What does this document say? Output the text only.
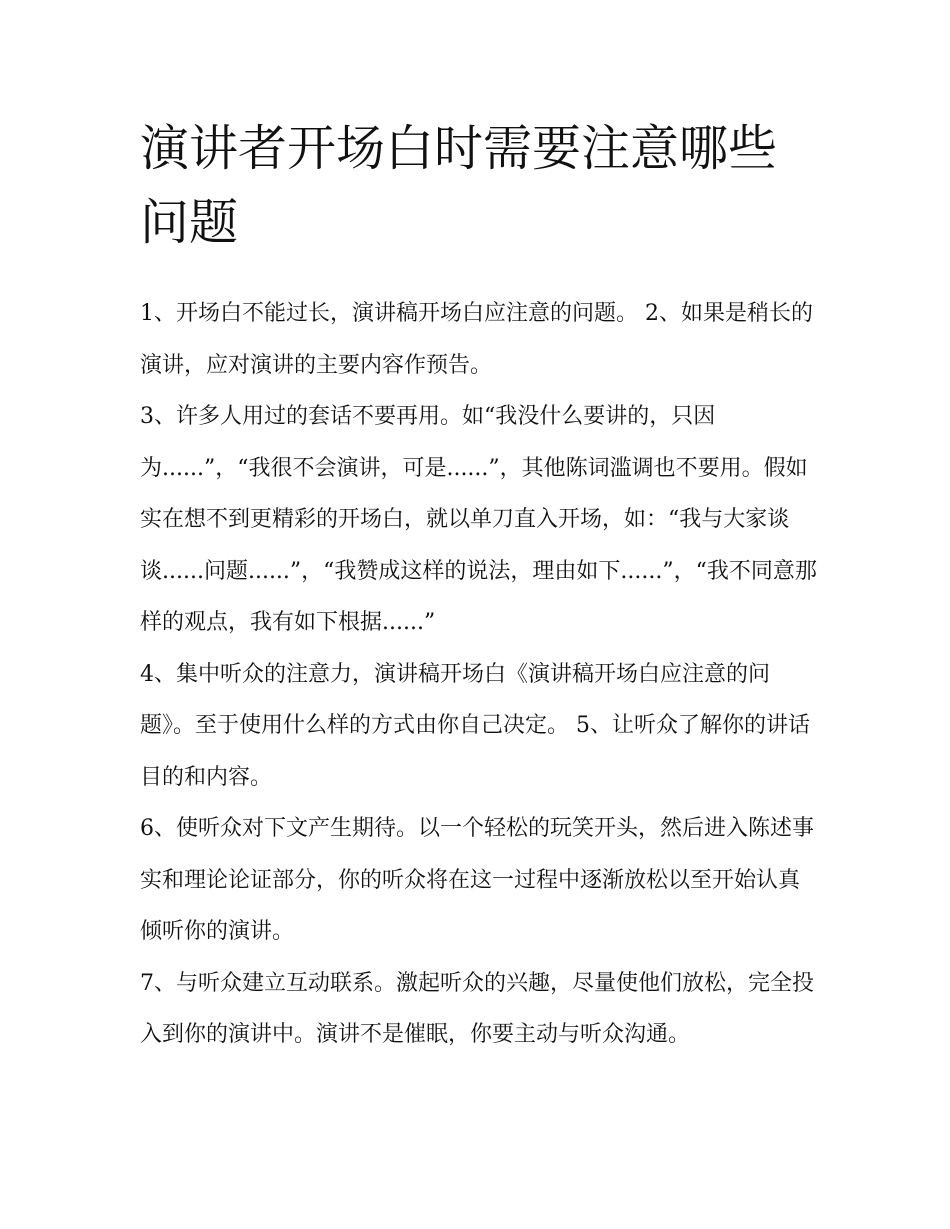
演讲者开场白时需要注意哪些问题

1、开场白不能过长，演讲稿开场白应注意的问题。 2、如果是稍长的演讲，应对演讲的主要内容作预告。

3、许多人用过的套话不要再用。如“我没什么要讲的，只因为......”，“我很不会演讲，可是......”，其他陈词滥调也不要用。假如实在想不到更精彩的开场白，就以单刀直入开场，如：“我与大家谈谈......问题......”，“我赞成这样的说法，理由如下......”，“我不同意那样的观点，我有如下根据......”

4、集中听众的注意力，演讲稿开场白《演讲稿开场白应注意的问题》。至于使用什么样的方式由你自己决定。 5、让听众了解你的讲话目的和内容。

6、使听众对下文产生期待。以一个轻松的玩笑开头，然后进入陈述事实和理论论证部分，你的听众将在这一过程中逐渐放松以至开始认真倾听你的演讲。

7、与听众建立互动联系。激起听众的兴趣，尽量使他们放松，完全投入到你的演讲中。演讲不是催眠，你要主动与听众沟通。
